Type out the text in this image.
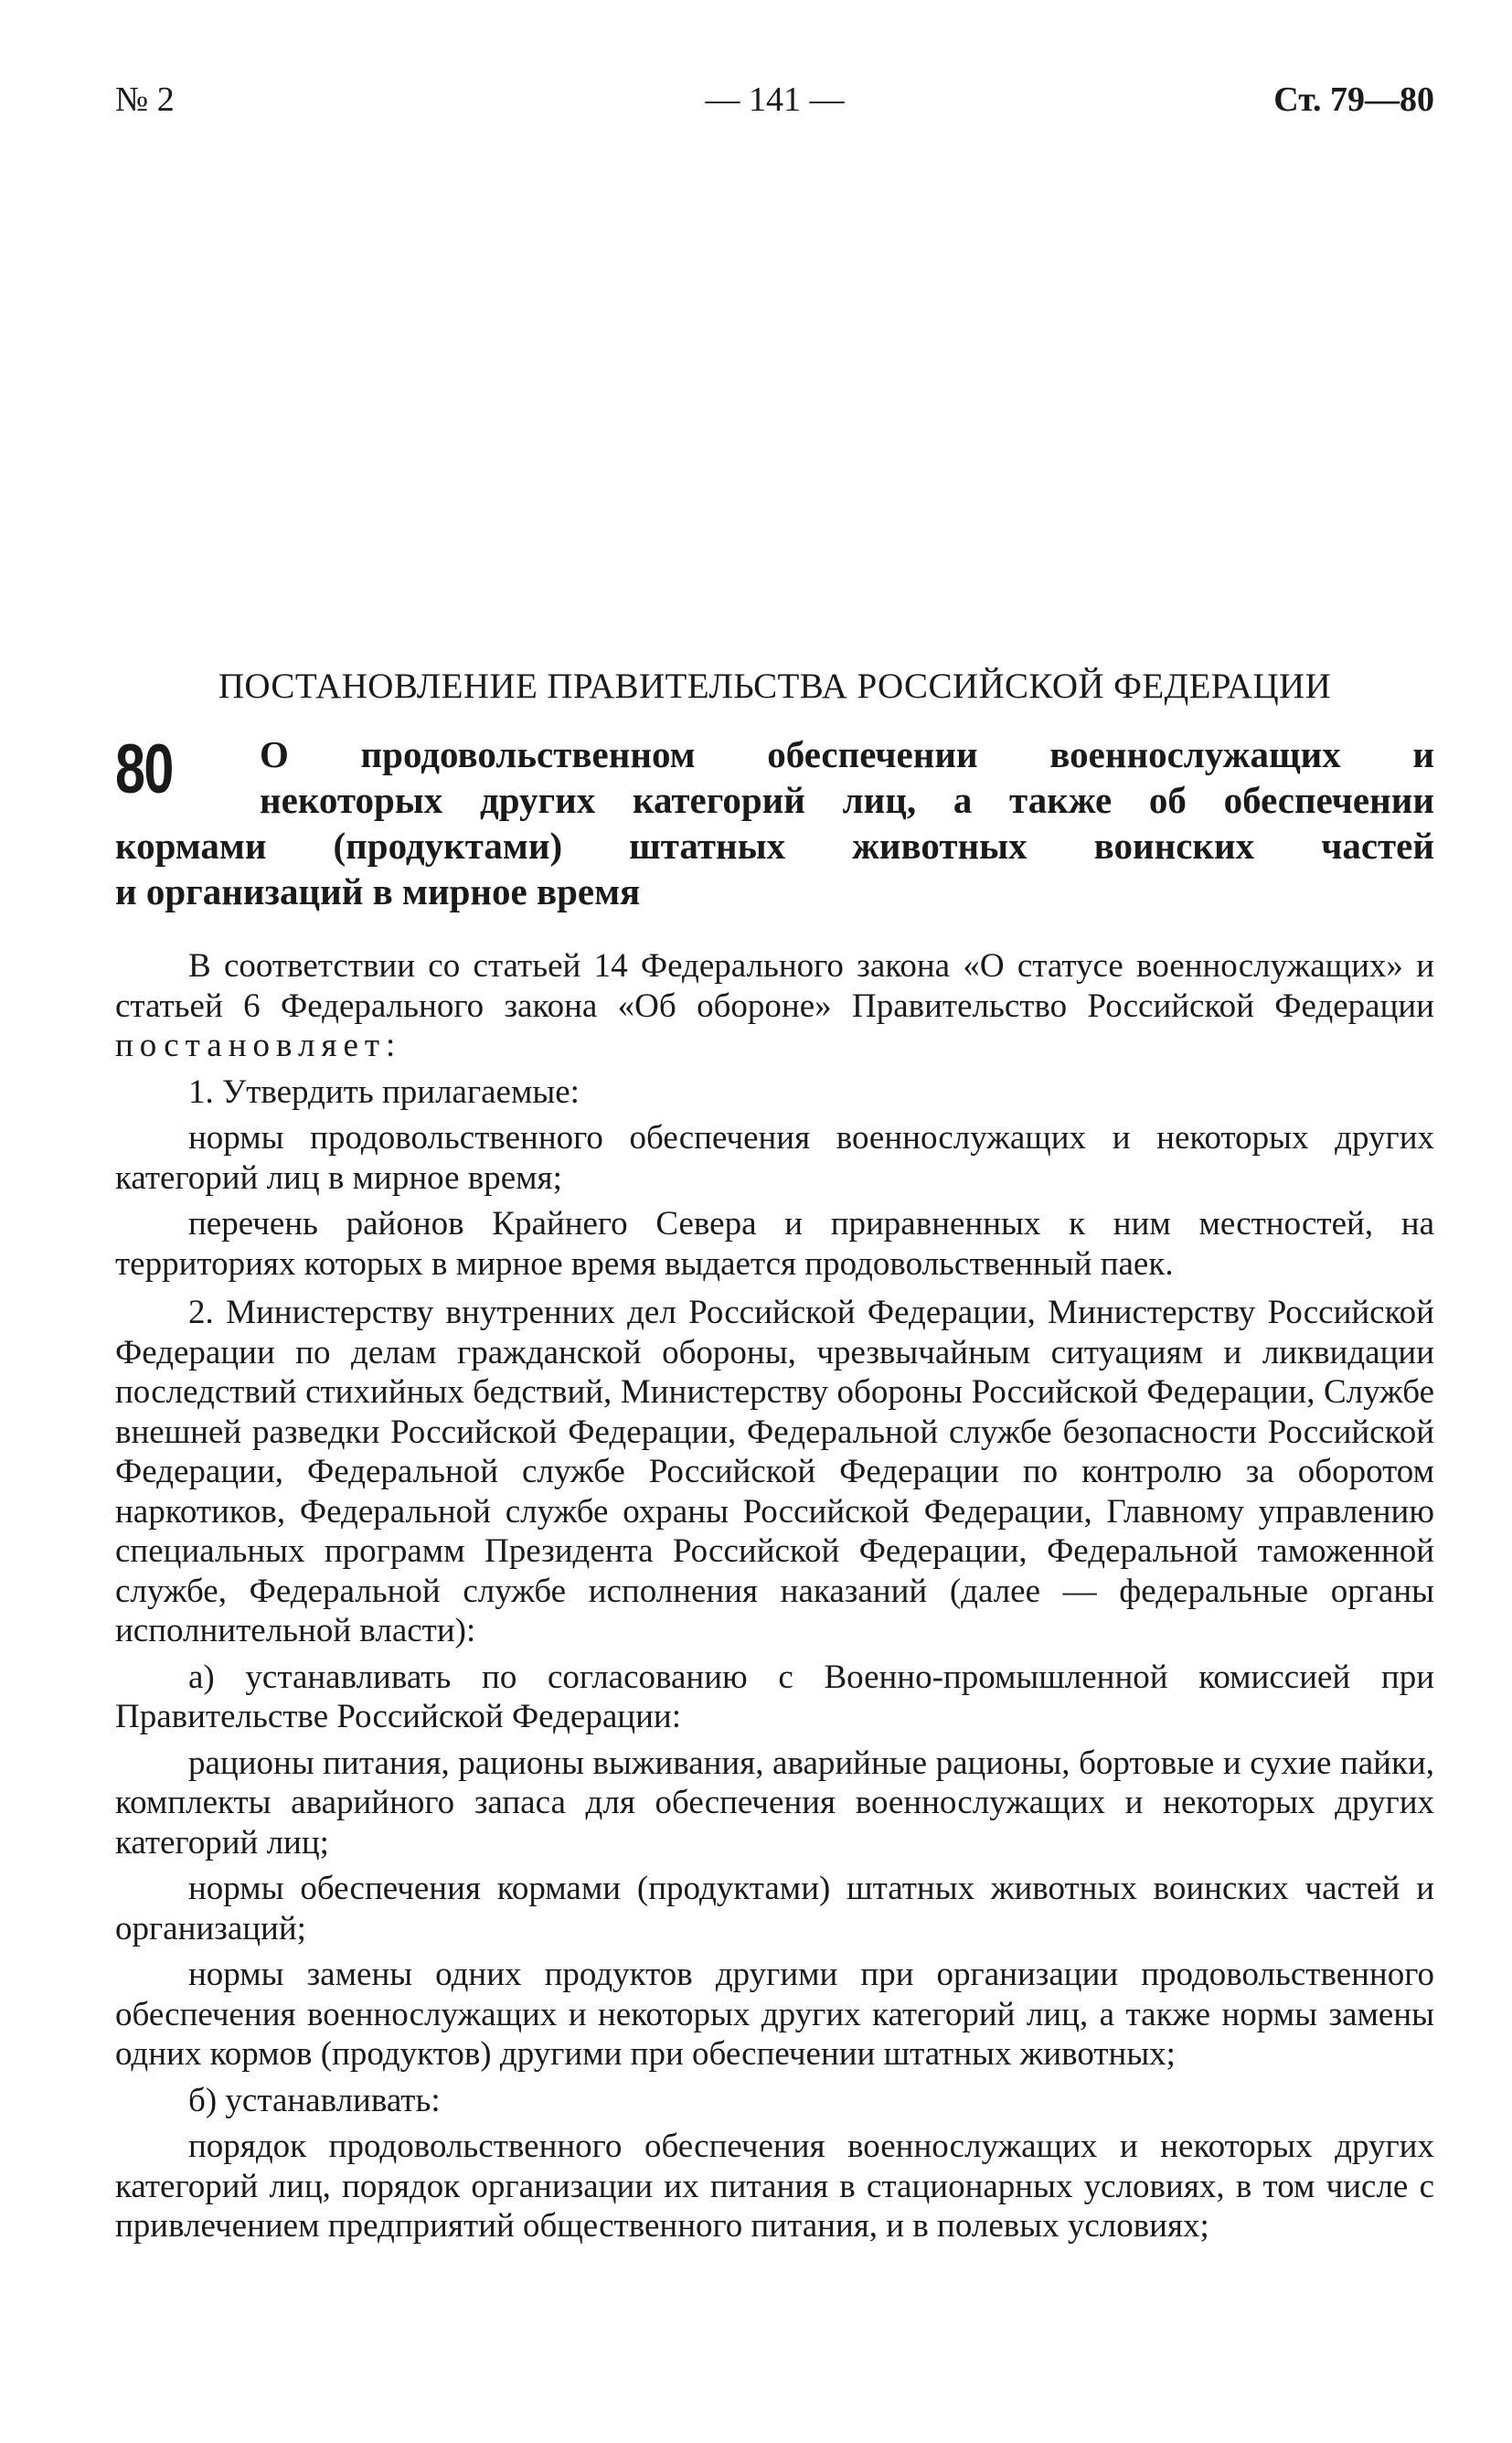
№ 2	— 141 —	Ст. 79—80
ПОСТАНОВЛЕНИЕ ПРАВИТЕЛЬСТВА РОССИЙСКОЙ ФЕДЕРАЦИИ
80	О продовольственном обеспечении военнослужащих и
некоторых других категорий лиц, а также об обеспечении
кормами (продуктами) штатных животных воинских частей
и организаций в мирное время

В соответствии со статьей 14 Федерального закона «О статусе военнослужащих» и статьей 6 Федерального закона «Об обороне» Правительство Российской Федерации постановляет:

1. Утвердить прилагаемые:

нормы продовольственного обеспечения военнослужащих и некоторых других категорий лиц в мирное время;

перечень районов Крайнего Севера и приравненных к ним местностей, на территориях которых в мирное время выдается продовольственный паек.

2. Министерству внутренних дел Российской Федерации, Министерству Российской Федерации по делам гражданской обороны, чрезвычайным ситуациям и ликвидации последствий стихийных бедствий, Министерству обороны Российской Федерации, Службе внешней разведки Российской Федерации, Федеральной службе безопасности Российской Федерации, Федеральной службе Российской Федерации по контролю за оборотом наркотиков, Федеральной службе охраны Российской Федерации, Главному управлению специальных программ Президента Российской Федерации, Федеральной таможенной службе, Федеральной службе исполнения наказаний (далее — федеральные органы исполнительной власти):

а) устанавливать по согласованию с Военно-промышленной комиссией при Правительстве Российской Федерации:

рационы питания, рационы выживания, аварийные рационы, бортовые и сухие пайки, комплекты аварийного запаса для обеспечения военнослужащих и некоторых других категорий лиц;

нормы обеспечения кормами (продуктами) штатных животных воинских частей и организаций;

нормы замены одних продуктов другими при организации продовольственного обеспечения военнослужащих и некоторых других категорий лиц, а также нормы замены одних кормов (продуктов) другими при обеспечении штатных животных;

б) устанавливать:

порядок продовольственного обеспечения военнослужащих и некоторых других категорий лиц, порядок организации их питания в стационарных условиях, в том числе с привлечением предприятий общественного питания, и в полевых условиях;
